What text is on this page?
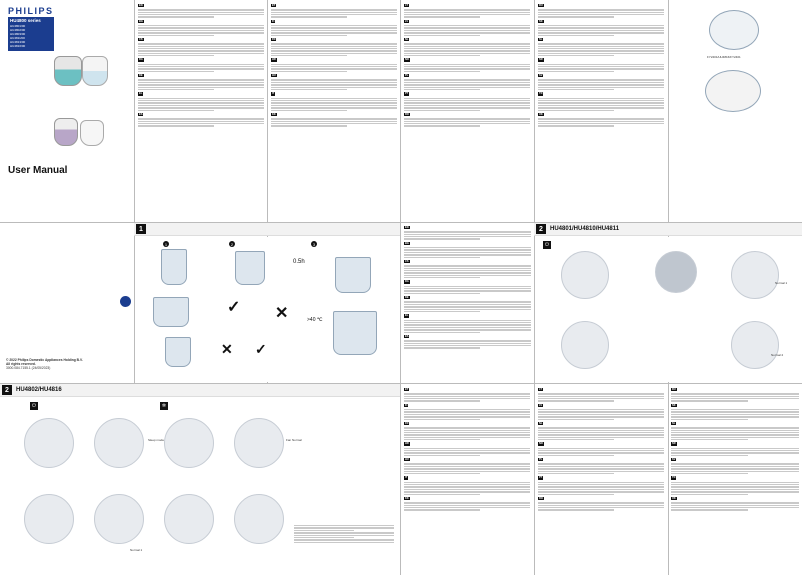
PHILIPS
HU4800 series
HU4801/00
HU4802/00
HU4803/00
HU4811/00
HU4813/00
HU4816/00
User Manual
© 2022 Philips Domestic Appliances Holding B.V.
All rights reserved.
3000.084.7155.1 (24/05/2023)
EN
BG
CS
DA
DE
EL
ES
ET
FI
FR
HR
HU
IT
KK
LT
LV
NL
NO
PL
PT
RO
RU
SK
SL
SR
SV
TR
UK
FY2401/HU4816/FY2401
1
1	2
0.5h
3
✓ ✕	>40 ℃
✕ ✓
2	HU4801/HU4810/HU4811
⏻
Normal 1
Normal 2
EN
BG
CS
DA
DE
EL
ES
2	HU4802/HU4816
⏻	✲
Sleep mode	Fan Normal
Normal 1
ET
FI
FR
HR
HU
IT
KK
LT
LV
NL
NO
PL
PT
RO
RU
SK
SL
SR
SV
TR
UK
